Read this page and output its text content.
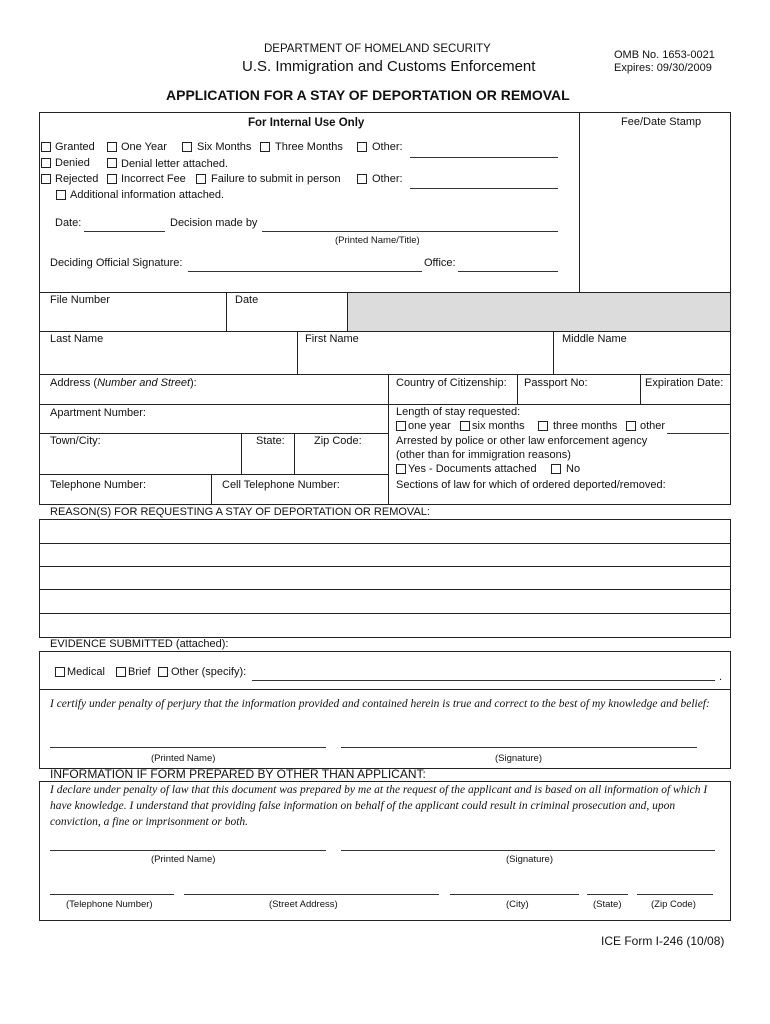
DEPARTMENT OF HOMELAND SECURITY
U.S. Immigration and Customs Enforcement
OMB No. 1653-0021
Expires: 09/30/2009
APPLICATION FOR A STAY OF DEPORTATION OR REMOVAL
For Internal Use Only	Fee/Date Stamp
Granted One Year	Six Months Three Months	Other:
Denied	Denial letter attached.
Rejected Incorrect Fee Failure to submit in person	Other:
Additional information attached.
Date:	Decision made by
(Printed Name/Title)
Deciding Official Signature:	Office:
File Number	Date
Last Name	First Name	Middle Name
Address (Number and Street):	Country of Citizenship: Passport No:	Expiration Date:
Apartment Number:	Length of stay requested:
one year six months	three months other
Town/City:	State:	Zip Code:	Arrested by police or other law enforcement agency
(other than for immigration reasons)
Yes - Documents attached	No
Telephone Number:	Cell Telephone Number:	Sections of law for which of ordered deported/removed:
REASON(S) FOR REQUESTING A STAY OF DEPORTATION OR REMOVAL:
EVIDENCE SUBMITTED (attached):
Medical Brief Other (specify):	.
I certify under penalty of perjury that the information provided and contained herein is true and correct to the best of my knowledge and belief:
(Printed Name)	(Signature)
INFORMATION IF FORM PREPARED BY OTHER THAN APPLICANT:
I declare under penalty of law that this document was prepared by me at the request of the applicant and is based on all information of which I have knowledge. I understand that providing false information on behalf of the applicant could result in criminal prosecution and, upon conviction, a fine or imprisonment or both.
(Printed Name)	(Signature)
(Telephone Number)	(Street Address)	(City)	(State)	(Zip Code)
ICE Form I-246 (10/08)
